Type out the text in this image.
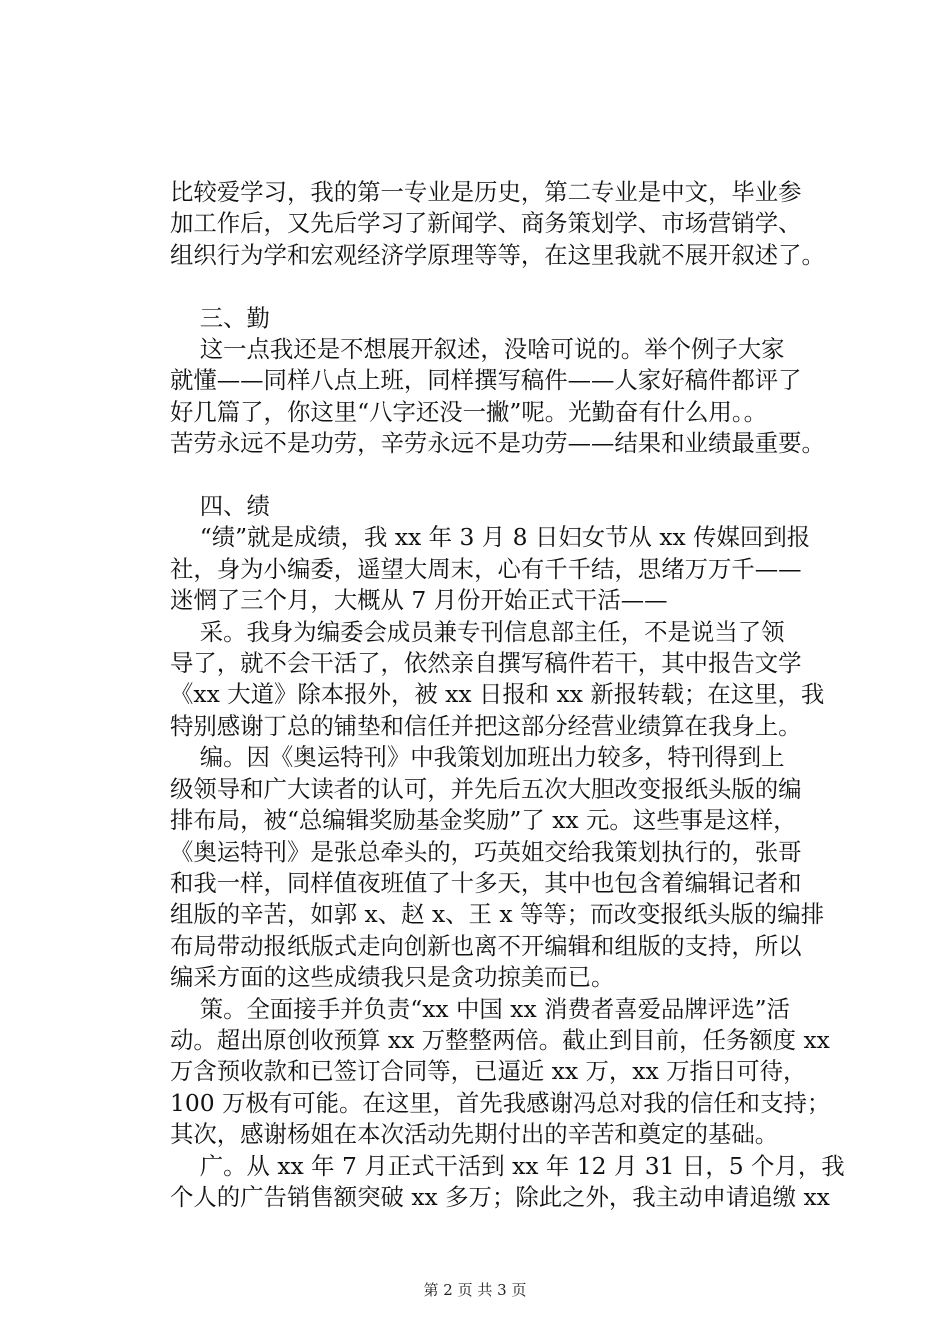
比较爱学习，我的第一专业是历史，第二专业是中文，毕业参
加工作后，又先后学习了新闻学、商务策划学、市场营销学、
组织行为学和宏观经济学原理等等，在这里我就不展开叙述了。

三、勤

这一点我还是不想展开叙述，没啥可说的。举个例子大家
就懂——同样八点上班，同样撰写稿件——人家好稿件都评了
好几篇了，你这里“八字还没一撇”呢。光勤奋有什么用。。
苦劳永远不是功劳，辛劳永远不是功劳——结果和业绩最重要。

四、绩

“绩”就是成绩，我 xx 年 3 月 8 日妇女节从 xx 传媒回到报
社，身为小编委，遥望大周末，心有千千结，思绪万万千——
迷惘了三个月，大概从 7 月份开始正式干活——

采。我身为编委会成员兼专刊信息部主任，不是说当了领
导了，就不会干活了，依然亲自撰写稿件若干，其中报告文学
《xx 大道》除本报外，被 xx 日报和 xx 新报转载；在这里，我
特别感谢丁总的铺垫和信任并把这部分经营业绩算在我身上。

编。因《奥运特刊》中我策划加班出力较多，特刊得到上
级领导和广大读者的认可，并先后五次大胆改变报纸头版的编
排布局，被“总编辑奖励基金奖励”了 xx 元。这些事是这样，
《奥运特刊》是张总牵头的，巧英姐交给我策划执行的，张哥
和我一样，同样值夜班值了十多天，其中也包含着编辑记者和
组版的辛苦，如郭 x、赵 x、王 x 等等；而改变报纸头版的编排
布局带动报纸版式走向创新也离不开编辑和组版的支持，所以
编采方面的这些成绩我只是贪功掠美而已。

策。全面接手并负责“xx 中国 xx 消费者喜爱品牌评选”活
动。超出原创收预算 xx 万整整两倍。截止到目前，任务额度 xx
万含预收款和已签订合同等，已逼近 xx 万，xx 万指日可待，
100 万极有可能。在这里，首先我感谢冯总对我的信任和支持；
其次，感谢杨姐在本次活动先期付出的辛苦和奠定的基础。

广。从 xx 年 7 月正式干活到 xx 年 12 月 31 日，5 个月，我
个人的广告销售额突破 xx 多万；除此之外，我主动申请追缴 xx

第 2 页 共 3 页
